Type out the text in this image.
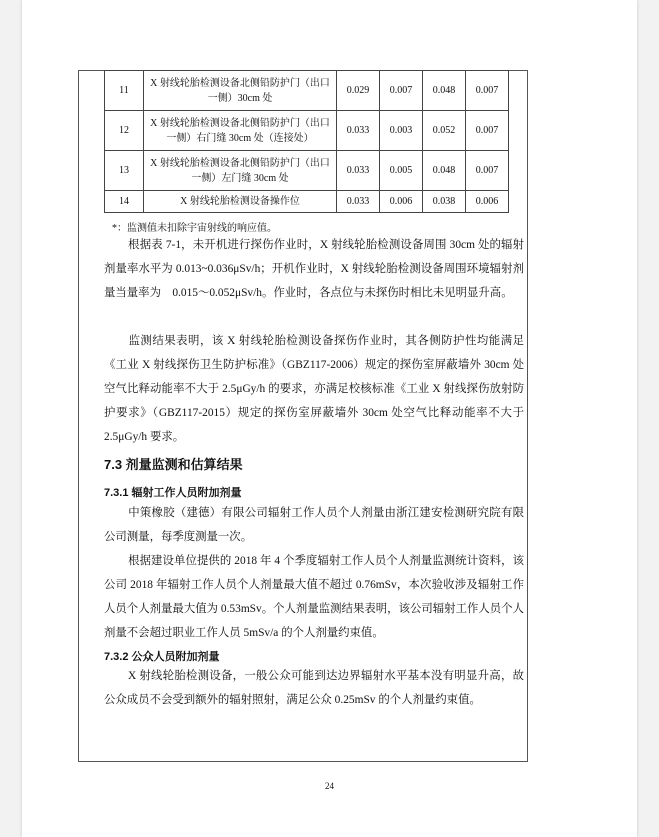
11	X 射线轮胎检测设备北侧铅防护门（出口一侧）30cm 处	0.029	0.007	0.048	0.007
12	X 射线轮胎检测设备北侧铅防护门（出口一侧）右门缝 30cm 处（连接处）	0.033	0.003	0.052	0.007
13	X 射线轮胎检测设备北侧铅防护门（出口一侧）左门缝 30cm 处	0.033	0.005	0.048	0.007
14	X 射线轮胎检测设备操作位	0.033	0.006	0.038	0.006
*：监测值未扣除宇宙射线的响应值。

根据表 7-1，未开机进行探伤作业时，X 射线轮胎检测设备周围 30cm 处的辐射剂量率水平为 0.013~0.036μSv/h；开机作业时，X 射线轮胎检测设备周围环境辐射剂量当量率为　0.015～0.052μSv/h。作业时，各点位与未探伤时相比未见明显升高。

监测结果表明，该 X 射线轮胎检测设备探伤作业时，其各侧防护性均能满足《工业 X 射线探伤卫生防护标准》（GBZ117-2006）规定的探伤室屏蔽墙外 30cm 处空气比释动能率不大于 2.5μGy/h 的要求，亦满足校核标准《工业 X 射线探伤放射防护要求》（GBZ117-2015）规定的探伤室屏蔽墙外 30cm 处空气比释动能率不大于 2.5μGy/h 要求。

7.3 剂量监测和估算结果
7.3.1 辐射工作人员附加剂量

中策橡胶（建德）有限公司辐射工作人员个人剂量由浙江建安检测研究院有限公司测量，每季度测量一次。

根据建设单位提供的 2018 年 4 个季度辐射工作人员个人剂量监测统计资料，该公司 2018 年辐射工作人员个人剂量最大值不超过 0.76mSv，本次验收涉及辐射工作人员个人剂量最大值为 0.53mSv。个人剂量监测结果表明，该公司辐射工作人员个人剂量不会超过职业工作人员 5mSv/a 的个人剂量约束值。

7.3.2 公众人员附加剂量

X 射线轮胎检测设备，一般公众可能到达边界辐射水平基本没有明显升高，故公众成员不会受到额外的辐射照射，满足公众 0.25mSv 的个人剂量约束值。

24
